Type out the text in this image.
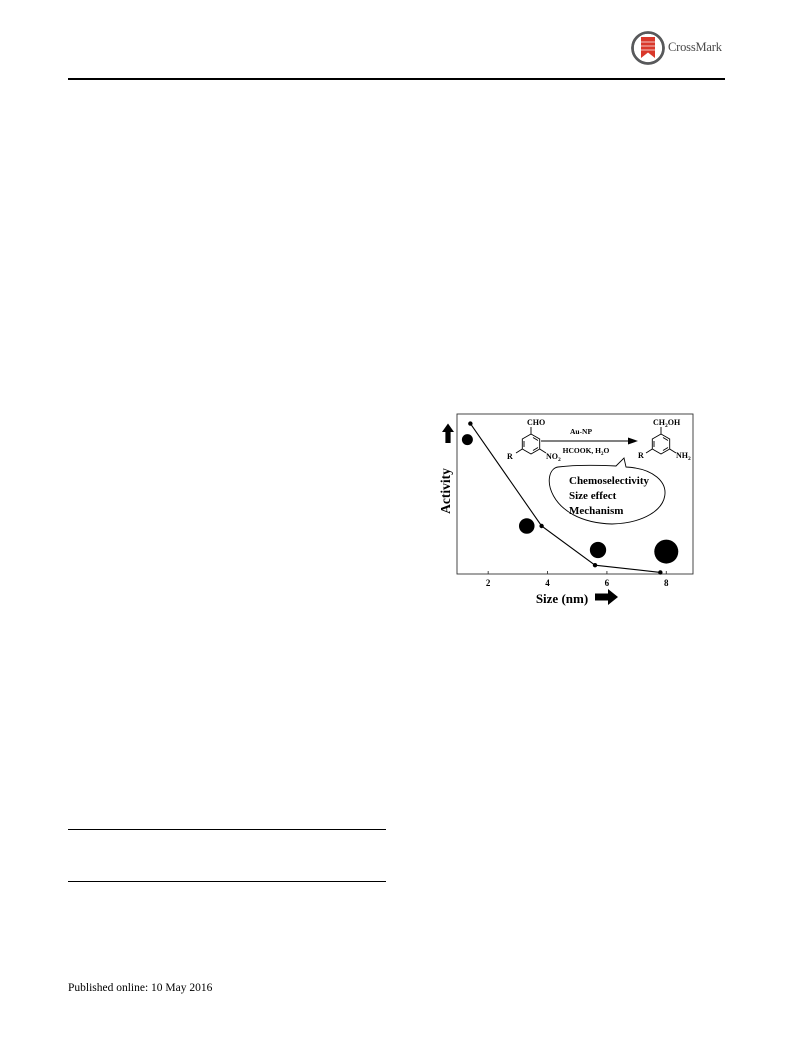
CrossMark
2	4	6	8
Activity
Size (nm)
CHO
R	$NO_2$
Au-NP
HCOOK, $H_2O$
$CH_2OH$
R	$NH_2$
Chemoselectivity
Size effect
Mechanism
Published online: 10 May 2016
